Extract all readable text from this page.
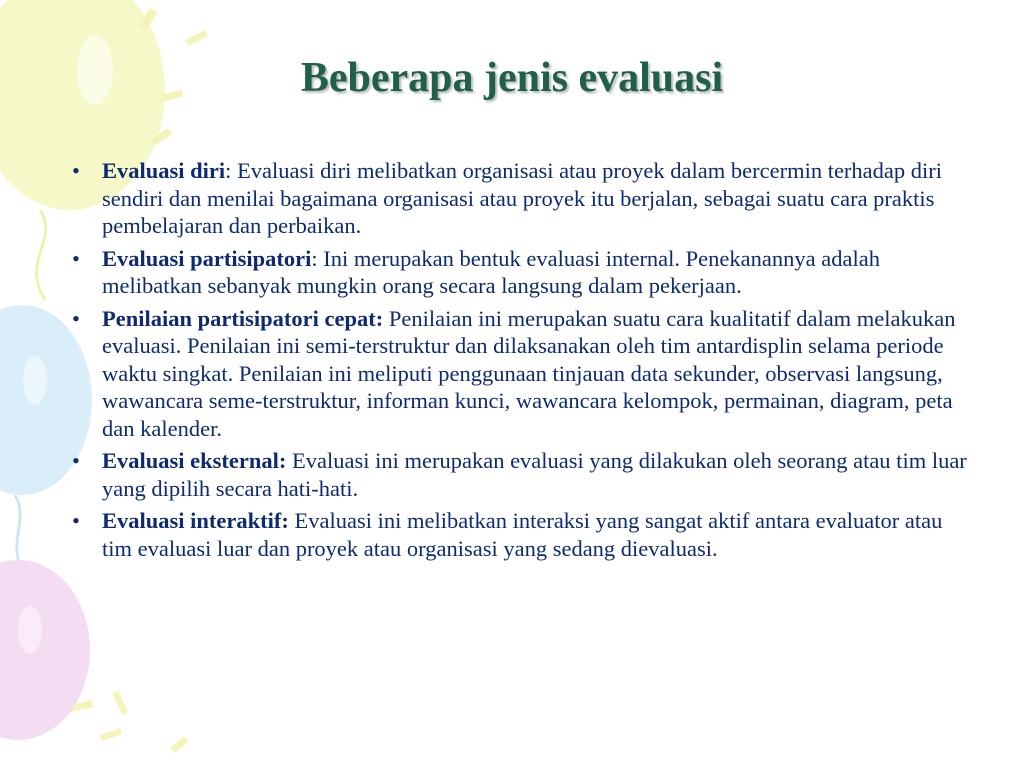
Beberapa jenis evaluasi
• Evaluasi diri: Evaluasi diri melibatkan organisasi atau proyek dalam bercermin terhadap diri sendiri dan menilai bagaimana organisasi atau proyek itu berjalan, sebagai suatu cara praktis pembelajaran dan perbaikan.
• Evaluasi partisipatori: Ini merupakan bentuk evaluasi internal. Penekanannya adalah melibatkan sebanyak mungkin orang secara langsung dalam pekerjaan.
• Penilaian partisipatori cepat: Penilaian ini merupakan suatu cara kualitatif dalam melakukan evaluasi. Penilaian ini semi-terstruktur dan dilaksanakan oleh tim antardisplin selama periode waktu singkat. Penilaian ini meliputi penggunaan tinjauan data sekunder, observasi langsung, wawancara seme-terstruktur, informan kunci, wawancara kelompok, permainan, diagram, peta dan kalender.
• Evaluasi eksternal: Evaluasi ini merupakan evaluasi yang dilakukan oleh seorang atau tim luar yang dipilih secara hati-hati.
• Evaluasi interaktif: Evaluasi ini melibatkan interaksi yang sangat aktif antara evaluator atau tim evaluasi luar dan proyek atau organisasi yang sedang dievaluasi.
